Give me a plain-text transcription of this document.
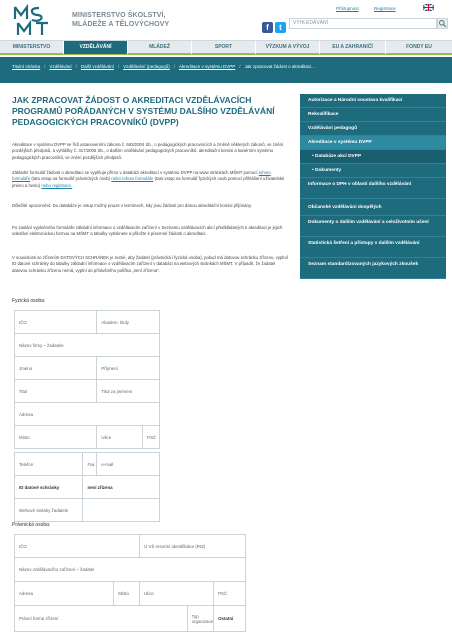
MINISTERSTVO ŠKOLSTVÍ,
MLÁDEŽE A TĚLOVÝCHOVY
Přístupnost	Registrace
f t	VYHLEDÁVÁNÍ
MINISTERSTVO	VZDĚLÁVÁNÍ	MLÁDEŽ	SPORT	VÝZKUM A VÝVOJ	EU A ZAHRANIČÍ	FONDY EU
Titulní stránka / Vzdělávání / Další vzdělávání / Vzdělávání (pedagogů) / Akreditace v systému DVPP / Jak zpracovat žádost o akreditaci...
JAK ZPRACOVAT ŽÁDOST O AKREDITACI VZDĚLÁVACÍCH PROGRAMŮ POŘÁDANÝCH V SYSTÉMU DALŠÍHO VZDĚLÁVÁNÍ PEDAGOGICKÝCH PRACOVNÍKŮ (DVPP)
Akreditace v systému DVPP se řídí ustanoveními zákona č. 563/2004 Sb., o pedagogických pracovnících a změně některých zákonů, ve znění pozdějších předpisů, a vyhlášky č. 317/2005 Sb., o dalším vzdělávání pedagogických pracovníků, akreditační komisi a kariérním systému pedagogických pracovníků, ve znění pozdějších předpisů.
Základní formulář žádosti o akreditaci se vyplňuje přímo v databázi akreditací v systému DVPP na www stránkách MŠMT pomocí tohoto formuláře (tato vstup na formulář právnických osob) nebo tohoto formuláře (tato vstup na formulář fyzických osob pomocí přihlášení uživatelské jméno a heslo) nebo registrace.
Důležité upozornění: Do databáze je vstup možný pouze v termínech, kdy jsou žádosti pro danou akreditační komisi přijímány.
Po zaslání vyplněného formuláře základní informace o vzdělávacím zařízení v Seznamu vzdělávacích akcí předkládaných k akreditaci je jejich odeslání elektronickou formou na MŠMT a tabulky vytisknete a přiložte k písemné žádosti o akreditaci.
V souvislosti se zřízením DATOVÝCH SCHRÁNEK je nutné, aby žadatel (právnická i fyzická osoba), pokud má datovou schránku zřízenu, vyplnil ID datové schránky do tabulky základní informace o vzdělávacím zařízení v databázi na webových stránkách MŠMT. V případě, že žadatel datovou schránku zřízenu nemá, vyplní do příslušného políčka „není zřízena“.
Fyzická osoba:
IČO		Akadem. tituly	
Název firmy – žadatele			
Jméno		Příjmení	
Titul		Titul za jménem	
Adresa			
Místo		Ulice	PSČ

Telefon	Fax	e-mail	
ID datové schránky	není zřízena		
Webové stránky žadatele			
Právnická osoba:
IČO		U VŠ resortní identifikátor (RIZ)		
Název vzdělávacího zařízení – žadatel				
Adresa	Místo	Ulice		PSČ
Právní forma zřízení			Typ organizace	Ostatní
Autorizace a Národní soustava kvalifikací
Rekvalifikace
Vzdělávání pedagogů
Akreditace v systému DVPP
• Databáze akcí DVPP
• Dokumenty
Informace o DPH v oblasti dalšího vzdělávání
Občanské vzdělávání dospělých
Dokumenty o dalším vzdělávání a celoživotním učení
Statistická šetření a přístupy v dalším vzdělávání
Seznam standardizovaných jazykových zkoušek
